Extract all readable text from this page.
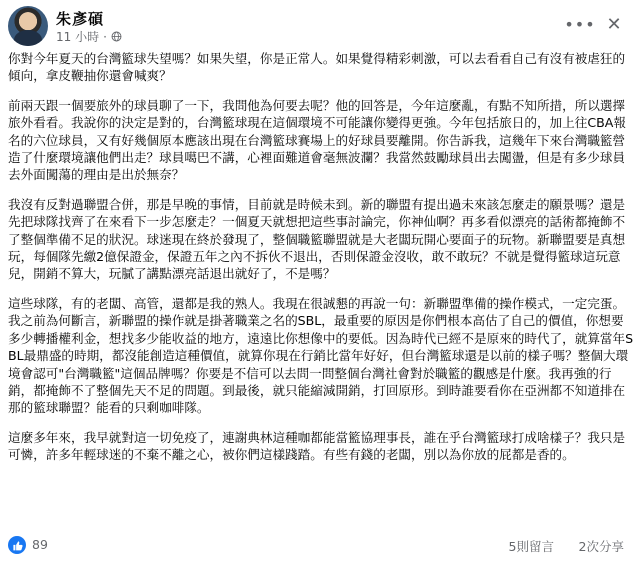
朱彥碩
11 小時 ·
••• ✕

你對今年夏天的台灣籃球失望嗎？如果失望，你是正常人。如果覺得精彩刺激，可以去看看自己有沒有被虐狂的傾向，拿皮鞭抽你還會喊爽？

前兩天跟一個要旅外的球員聊了一下，我問他為何要去呢？他的回答是，今年這麼亂，有點不知所措，所以選擇旅外看看。我說你的決定是對的，台灣籃球現在這個環境不可能讓你變得更強。今年包括旅日的，加上往CBA報名的六位球員，又有好幾個原本應該出現在台灣籃球賽場上的好球員要離開。你告訴我，這幾年下來台灣職籃營造了什麼環境讓他們出走？球員噶巴不講，心裡面難道會毫無波瀾？我當然鼓勵球員出去闖盪，但是有多少球員去外面闖蕩的理由是出於無奈？

我沒有反對過聯盟合併，那是早晚的事情，目前就是時候未到。新的聯盟有提出過未來該怎麼走的願景嗎？還是先把球隊找齊了在來看下一步怎麼走？一個夏天就想把這些事討論完，你神仙啊？再多看似漂亮的話術都掩飾不了整個準備不足的狀況。球迷現在終於發現了，整個職籃聯盟就是大老闆玩開心要面子的玩物。新聯盟要是真想玩，每個隊先繳2億保證金，保證五年之內不拆伙不退出，否則保證金沒收，敢不敢玩？不就是覺得籃球這玩意兒，開銷不算大，玩膩了講點漂亮話退出就好了，不是嗎？

這些球隊，有的老闆、高管，還都是我的熟人。我現在很誠懇的再說一句：新聯盟準備的操作模式，一定完蛋。我之前為何斷言，新聯盟的操作就是掛著職業之名的SBL，最重要的原因是你們根本高估了自己的價值，你想要多少轉播權利金，想找多少能收益的地方，遠遠比你想像中的要低。因為時代已經不是原來的時代了，就算當年SBL最鼎盛的時期，都沒能創造這種價值，就算你現在行銷比當年好好，但台灣籃球還是以前的樣子嗎？整個大環境會認可"台灣職籃"這個品牌嗎？你要是不信可以去問一問整個台灣社會對於職籃的觀感是什麼。我再強的行銷，都掩飾不了整個先天不足的問題。到最後，就只能縮減開銷，打回原形。到時誰要看你在亞洲都不知道排在那的籃球聯盟？能看的只剩咖啡隊。

這麼多年來，我早就對這一切免疫了，連謝典林這種咖都能當籃協理事長，誰在乎台灣籃球打成啥樣子？我只是可憐，許多年輕球迷的不棄不離之心，被你們這樣踐踏。有些有錢的老闆，別以為你放的屁都是香的。

89	5則留言 2次分享
